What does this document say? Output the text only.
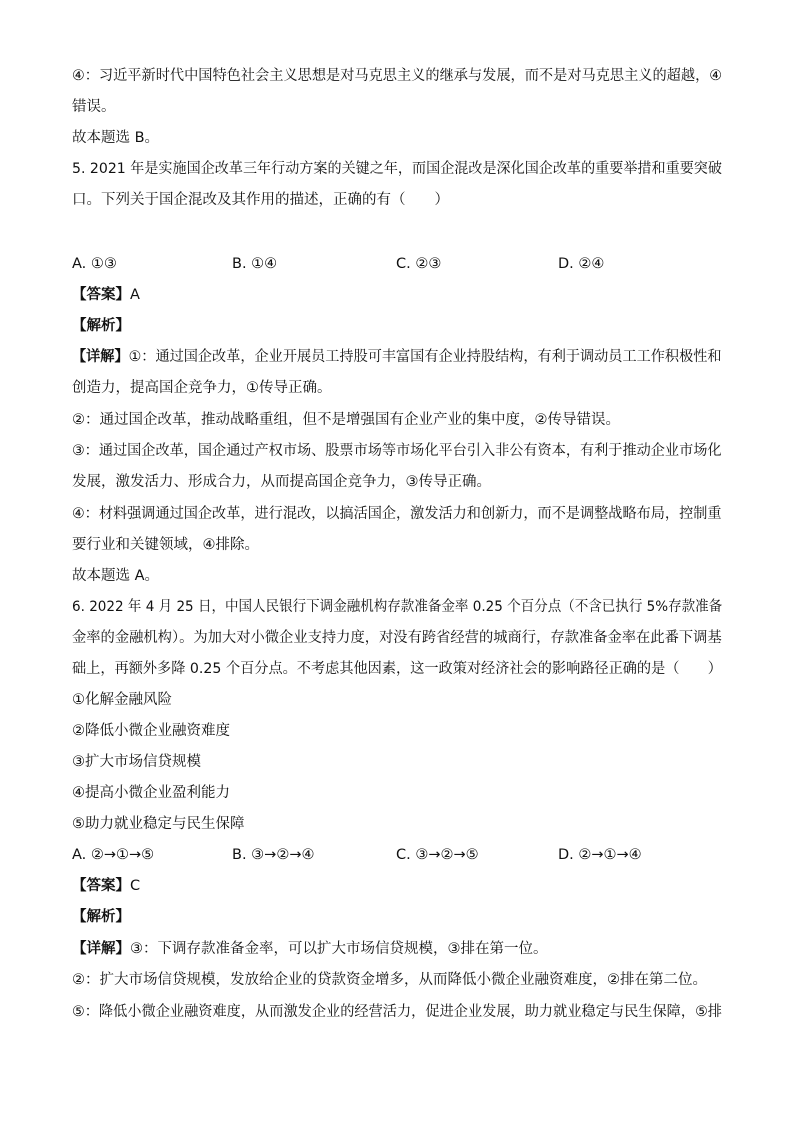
④：习近平新时代中国特色社会主义思想是对马克思主义的继承与发展，而不是对马克思主义的超越，④
错误。
故本题选 B。
5. 2021 年是实施国企改革三年行动方案的关键之年，而国企混改是深化国企改革的重要举措和重要突破
口。下列关于国企混改及其作用的描述，正确的有（　　）
A. ①③	B. ①④	C. ②③	D. ②④
【答案】A
【解析】
【详解】①：通过国企改革，企业开展员工持股可丰富国有企业持股结构，有利于调动员工工作积极性和
创造力，提高国企竞争力，①传导正确。
②：通过国企改革，推动战略重组，但不是增强国有企业产业的集中度，②传导错误。
③：通过国企改革，国企通过产权市场、股票市场等市场化平台引入非公有资本，有利于推动企业市场化
发展，激发活力、形成合力，从而提高国企竞争力，③传导正确。
④：材料强调通过国企改革，进行混改，以搞活国企，激发活力和创新力，而不是调整战略布局，控制重
要行业和关键领域，④排除。
故本题选 A。
6. 2022 年 4 月 25 日，中国人民银行下调金融机构存款准备金率 0.25 个百分点（不含已执行 5%存款准备
金率的金融机构）。为加大对小微企业支持力度，对没有跨省经营的城商行，存款准备金率在此番下调基
础上，再额外多降 0.25 个百分点。不考虑其他因素，这一政策对经济社会的影响路径正确的是（　　）
①化解金融风险
②降低小微企业融资难度
③扩大市场信贷规模
④提高小微企业盈利能力
⑤助力就业稳定与民生保障
A. ②→①→⑤	B. ③→②→④	C. ③→②→⑤	D. ②→①→④
【答案】C
【解析】
【详解】③：下调存款准备金率，可以扩大市场信贷规模，③排在第一位。
②：扩大市场信贷规模，发放给企业的贷款资金增多，从而降低小微企业融资难度，②排在第二位。
⑤：降低小微企业融资难度，从而激发企业的经营活力，促进企业发展，助力就业稳定与民生保障，⑤排
